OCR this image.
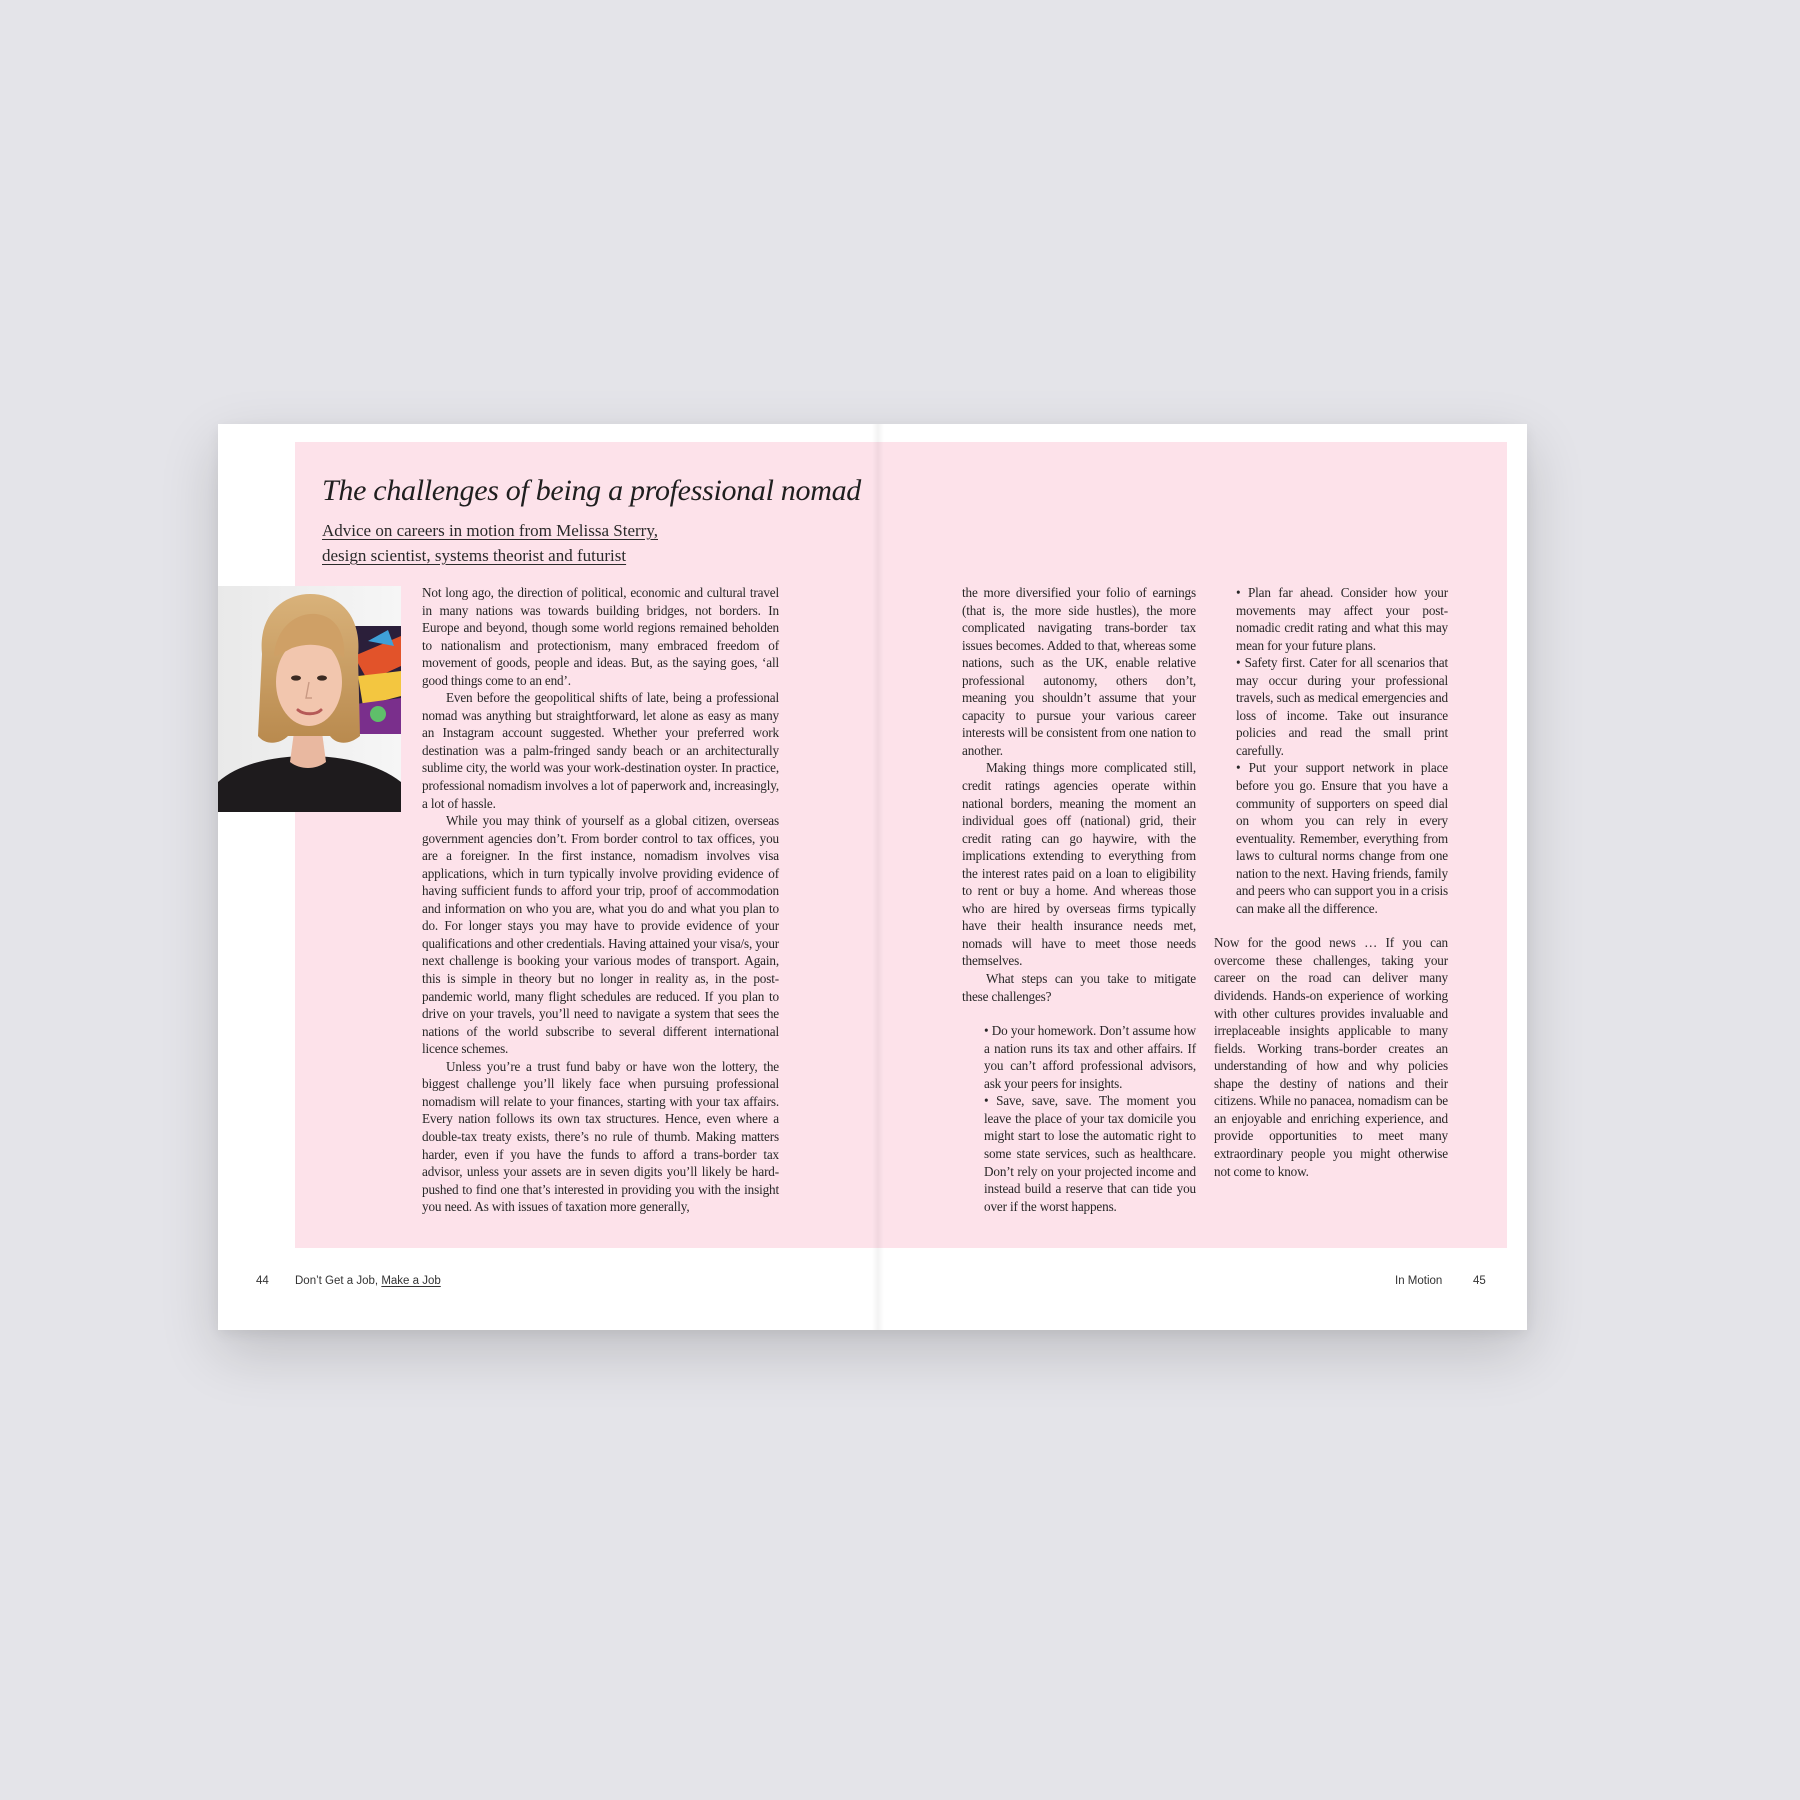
The challenges of being a professional nomad
Advice on careers in motion from Melissa Sterry,
design scientist, systems theorist and futurist

Not long ago, the direction of political, economic and cultural travel in many nations was towards building bridges, not borders. In Europe and beyond, though some world regions remained beholden to nationalism and protectionism, many embraced freedom of movement of goods, people and ideas. But, as the saying goes, ‘all good things come to an end’.

Even before the geopolitical shifts of late, being a professional nomad was anything but straightforward, let alone as easy as many an Instagram account suggested. Whether your preferred work destination was a palm-fringed sandy beach or an architecturally sublime city, the world was your work-destination oyster. In practice, professional nomadism involves a lot of paperwork and, increasingly, a lot of hassle.

While you may think of yourself as a global citizen, overseas government agencies don’t. From border control to tax offices, you are a foreigner. In the first instance, nomadism involves visa applications, which in turn typically involve providing evidence of having sufficient funds to afford your trip, proof of accommodation and information on who you are, what you do and what you plan to do. For longer stays you may have to provide evidence of your qualifications and other credentials. Having attained your visa/s, your next challenge is booking your various modes of transport. Again, this is simple in theory but no longer in reality as, in the post-pandemic world, many flight schedules are reduced. If you plan to drive on your travels, you’ll need to navigate a system that sees the nations of the world subscribe to several different international licence schemes.

Unless you’re a trust fund baby or have won the lottery, the biggest challenge you’ll likely face when pursuing professional nomadism will relate to your finances, starting with your tax affairs. Every nation follows its own tax structures. Hence, even where a double-tax treaty exists, there’s no rule of thumb. Making matters harder, even if you have the funds to afford a trans-border tax advisor, unless your assets are in seven digits you’ll likely be hard-pushed to find one that’s interested in providing you with the insight you need. As with issues of taxation more generally,

the more diversified your folio of earnings (that is, the more side hustles), the more complicated navigating trans-border tax issues becomes. Added to that, whereas some nations, such as the UK, enable relative professional autonomy, others don’t, meaning you shouldn’t assume that your capacity to pursue your various career interests will be consistent from one nation to another.

Making things more complicated still, credit ratings agencies operate within national borders, meaning the moment an individual goes off (national) grid, their credit rating can go haywire, with the implications extending to everything from the interest rates paid on a loan to eligibility to rent or buy a home. And whereas those who are hired by overseas firms typically have their health insurance needs met, nomads will have to meet those needs themselves.

What steps can you take to mitigate these challenges?

• Do your homework. Don’t assume how a nation runs its tax and other affairs. If you can’t afford professional advisors, ask your peers for insights.

• Save, save, save. The moment you leave the place of your tax domicile you might start to lose the automatic right to some state services, such as healthcare. Don’t rely on your projected income and instead build a reserve that can tide you over if the worst happens.

• Plan far ahead. Consider how your movements may affect your post-nomadic credit rating and what this may mean for your future plans.

• Safety first. Cater for all scenarios that may occur during your professional travels, such as medical emergencies and loss of income. Take out insurance policies and read the small print carefully.

• Put your support network in place before you go. Ensure that you have a community of supporters on speed dial on whom you can rely in every eventuality. Remember, everything from laws to cultural norms change from one nation to the next. Having friends, family and peers who can support you in a crisis can make all the difference.

Now for the good news … If you can overcome these challenges, taking your career on the road can deliver many dividends. Hands-on experience of working with other cultures provides invaluable and irreplaceable insights applicable to many fields. Working trans-border creates an understanding of how and why policies shape the destiny of nations and their citizens. While no panacea, nomadism can be an enjoyable and enriching experience, and provide opportunities to meet many extraordinary people you might otherwise not come to know.

44 Don’t Get a Job, Make a Job	In Motion	45
